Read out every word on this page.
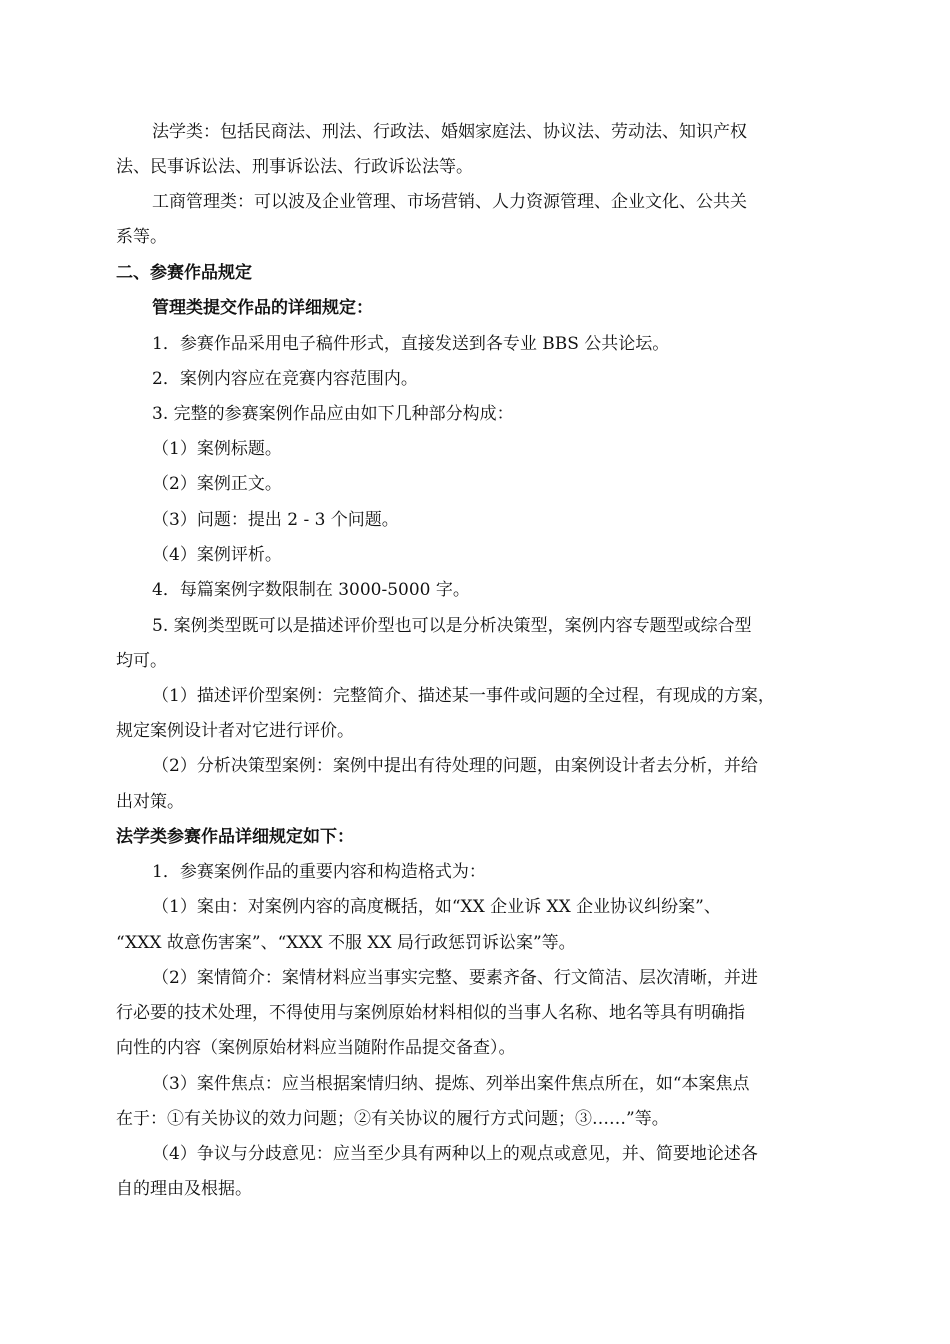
法学类：包括民商法、刑法、行政法、婚姻家庭法、协议法、劳动法、知识产权
法、民事诉讼法、刑事诉讼法、行政诉讼法等。
工商管理类：可以波及企业管理、市场营销、人力资源管理、企业文化、公共关
系等。
二、参赛作品规定
管理类提交作品的详细规定：
1．参赛作品采用电子稿件形式，直接发送到各专业 BBS 公共论坛。
2．案例内容应在竞赛内容范围内。
3. 完整的参赛案例作品应由如下几种部分构成：
（1）案例标题。
（2）案例正文。
（3）问题：提出 2 - 3 个问题。
（4）案例评析。
4．每篇案例字数限制在 3000-5000 字。
5. 案例类型既可以是描述评价型也可以是分析决策型，案例内容专题型或综合型
均可。
（1）描述评价型案例：完整简介、描述某一事件或问题的全过程，有现成的方案，
规定案例设计者对它进行评价。
（2）分析决策型案例：案例中提出有待处理的问题，由案例设计者去分析，并给
出对策。
法学类参赛作品详细规定如下：
1．参赛案例作品的重要内容和构造格式为：
（1）案由：对案例内容的高度概括，如“XX 企业诉 XX 企业协议纠纷案”、
“XXX 故意伤害案”、“XXX 不服 XX 局行政惩罚诉讼案”等。
（2）案情简介：案情材料应当事实完整、要素齐备、行文简洁、层次清晰，并进
行必要的技术处理，不得使用与案例原始材料相似的当事人名称、地名等具有明确指
向性的内容（案例原始材料应当随附作品提交备查）。
（3）案件焦点：应当根据案情归纳、提炼、列举出案件焦点所在，如“本案焦点
在于：①有关协议的效力问题；②有关协议的履行方式问题；③……”等。
（4）争议与分歧意见：应当至少具有两种以上的观点或意见，并、简要地论述各
自的理由及根据。
